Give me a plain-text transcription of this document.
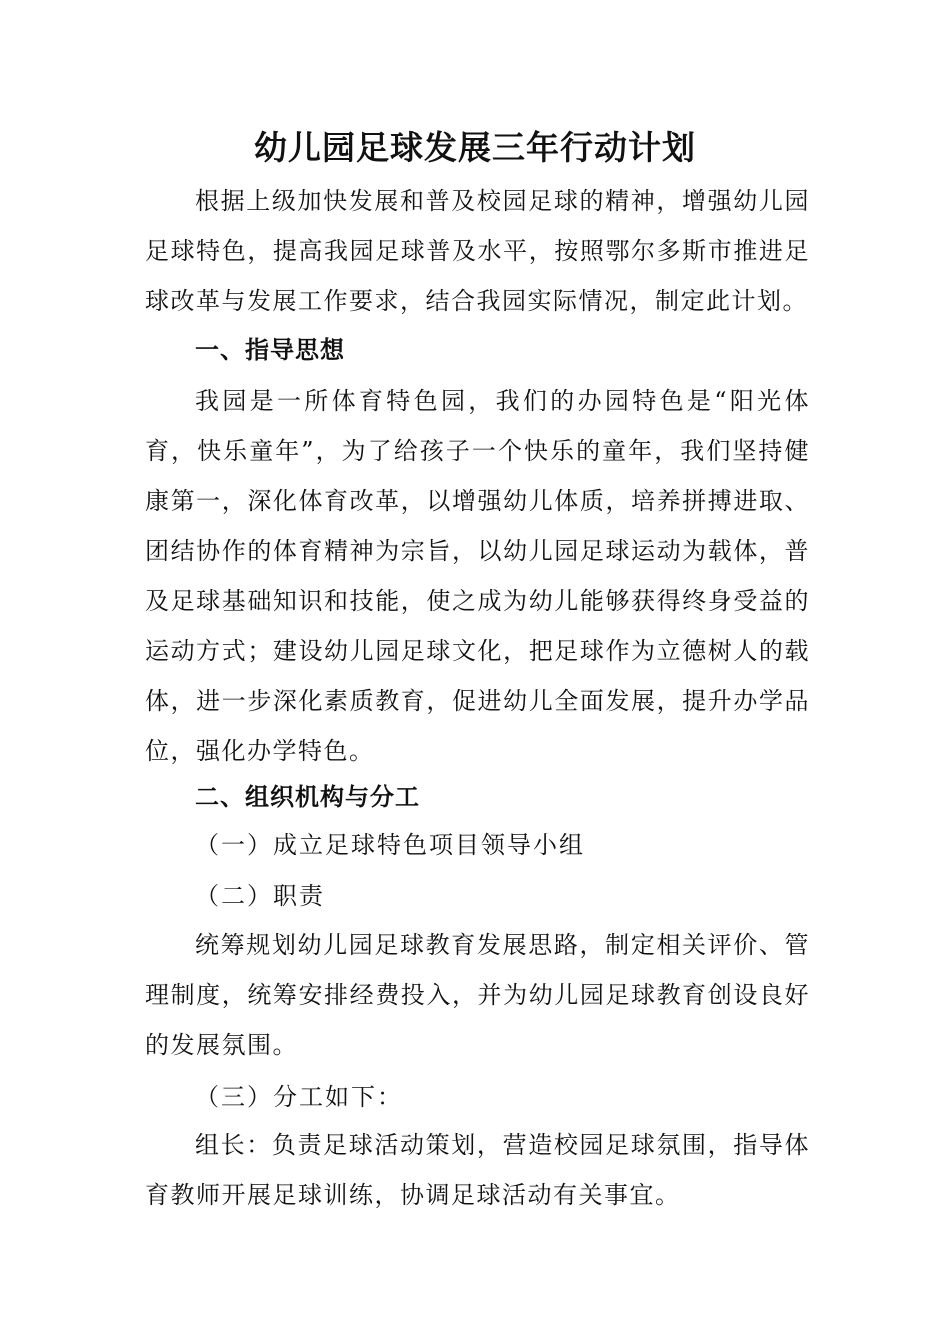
幼儿园足球发展三年行动计划

根据上级加快发展和普及校园足球的精神，增强幼儿园足球特色，提高我园足球普及水平，按照鄂尔多斯市推进足球改革与发展工作要求，结合我园实际情况，制定此计划。

一、指导思想

我园是一所体育特色园，我们的办园特色是“阳光体育，快乐童年”，为了给孩子一个快乐的童年，我们坚持健康第一，深化体育改革，以增强幼儿体质，培养拼搏进取、团结协作的体育精神为宗旨，以幼儿园足球运动为载体，普及足球基础知识和技能，使之成为幼儿能够获得终身受益的运动方式；建设幼儿园足球文化，把足球作为立德树人的载体，进一步深化素质教育，促进幼儿全面发展，提升办学品位，强化办学特色。

二、组织机构与分工

（一）成立足球特色项目领导小组

（二）职责

统筹规划幼儿园足球教育发展思路，制定相关评价、管理制度，统筹安排经费投入，并为幼儿园足球教育创设良好的发展氛围。

（三）分工如下：

组长：负责足球活动策划，营造校园足球氛围，指导体育教师开展足球训练，协调足球活动有关事宜。
